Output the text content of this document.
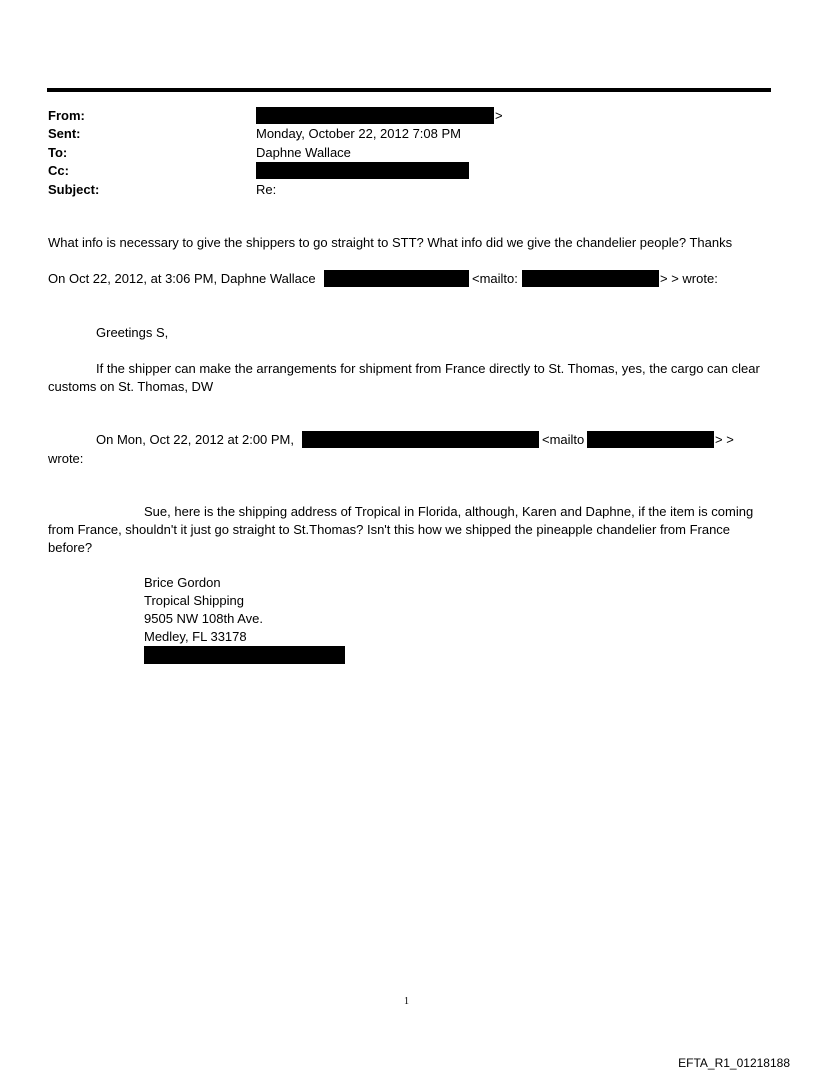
From:	>
Sent:	Monday, October 22, 2012 7:08 PM
To:	Daphne Wallace
Cc:
Subject:	Re:
What info is necessary to give the shippers to go straight to STT? What info did we give the chandelier people? Thanks
On Oct 22, 2012, at 3:06 PM, Daphne Wallace	<mailto:	> > wrote:
Greetings S,
If the shipper can make the arrangements for shipment from France directly to St. Thomas, yes, the cargo can clear customs on St. Thomas, DW
On Mon, Oct 22, 2012 at 2:00 PM,	<mailto	> >
wrote:
Sue, here is the shipping address of Tropical in Florida, although, Karen and Daphne, if the item is coming from France, shouldn't it just go straight to St.Thomas? Isn't this how we shipped the pineapple chandelier from France before?
Brice Gordon
Tropical Shipping
9505 NW 108th Ave.
Medley, FL 33178
1
EFTA_R1_01218188
